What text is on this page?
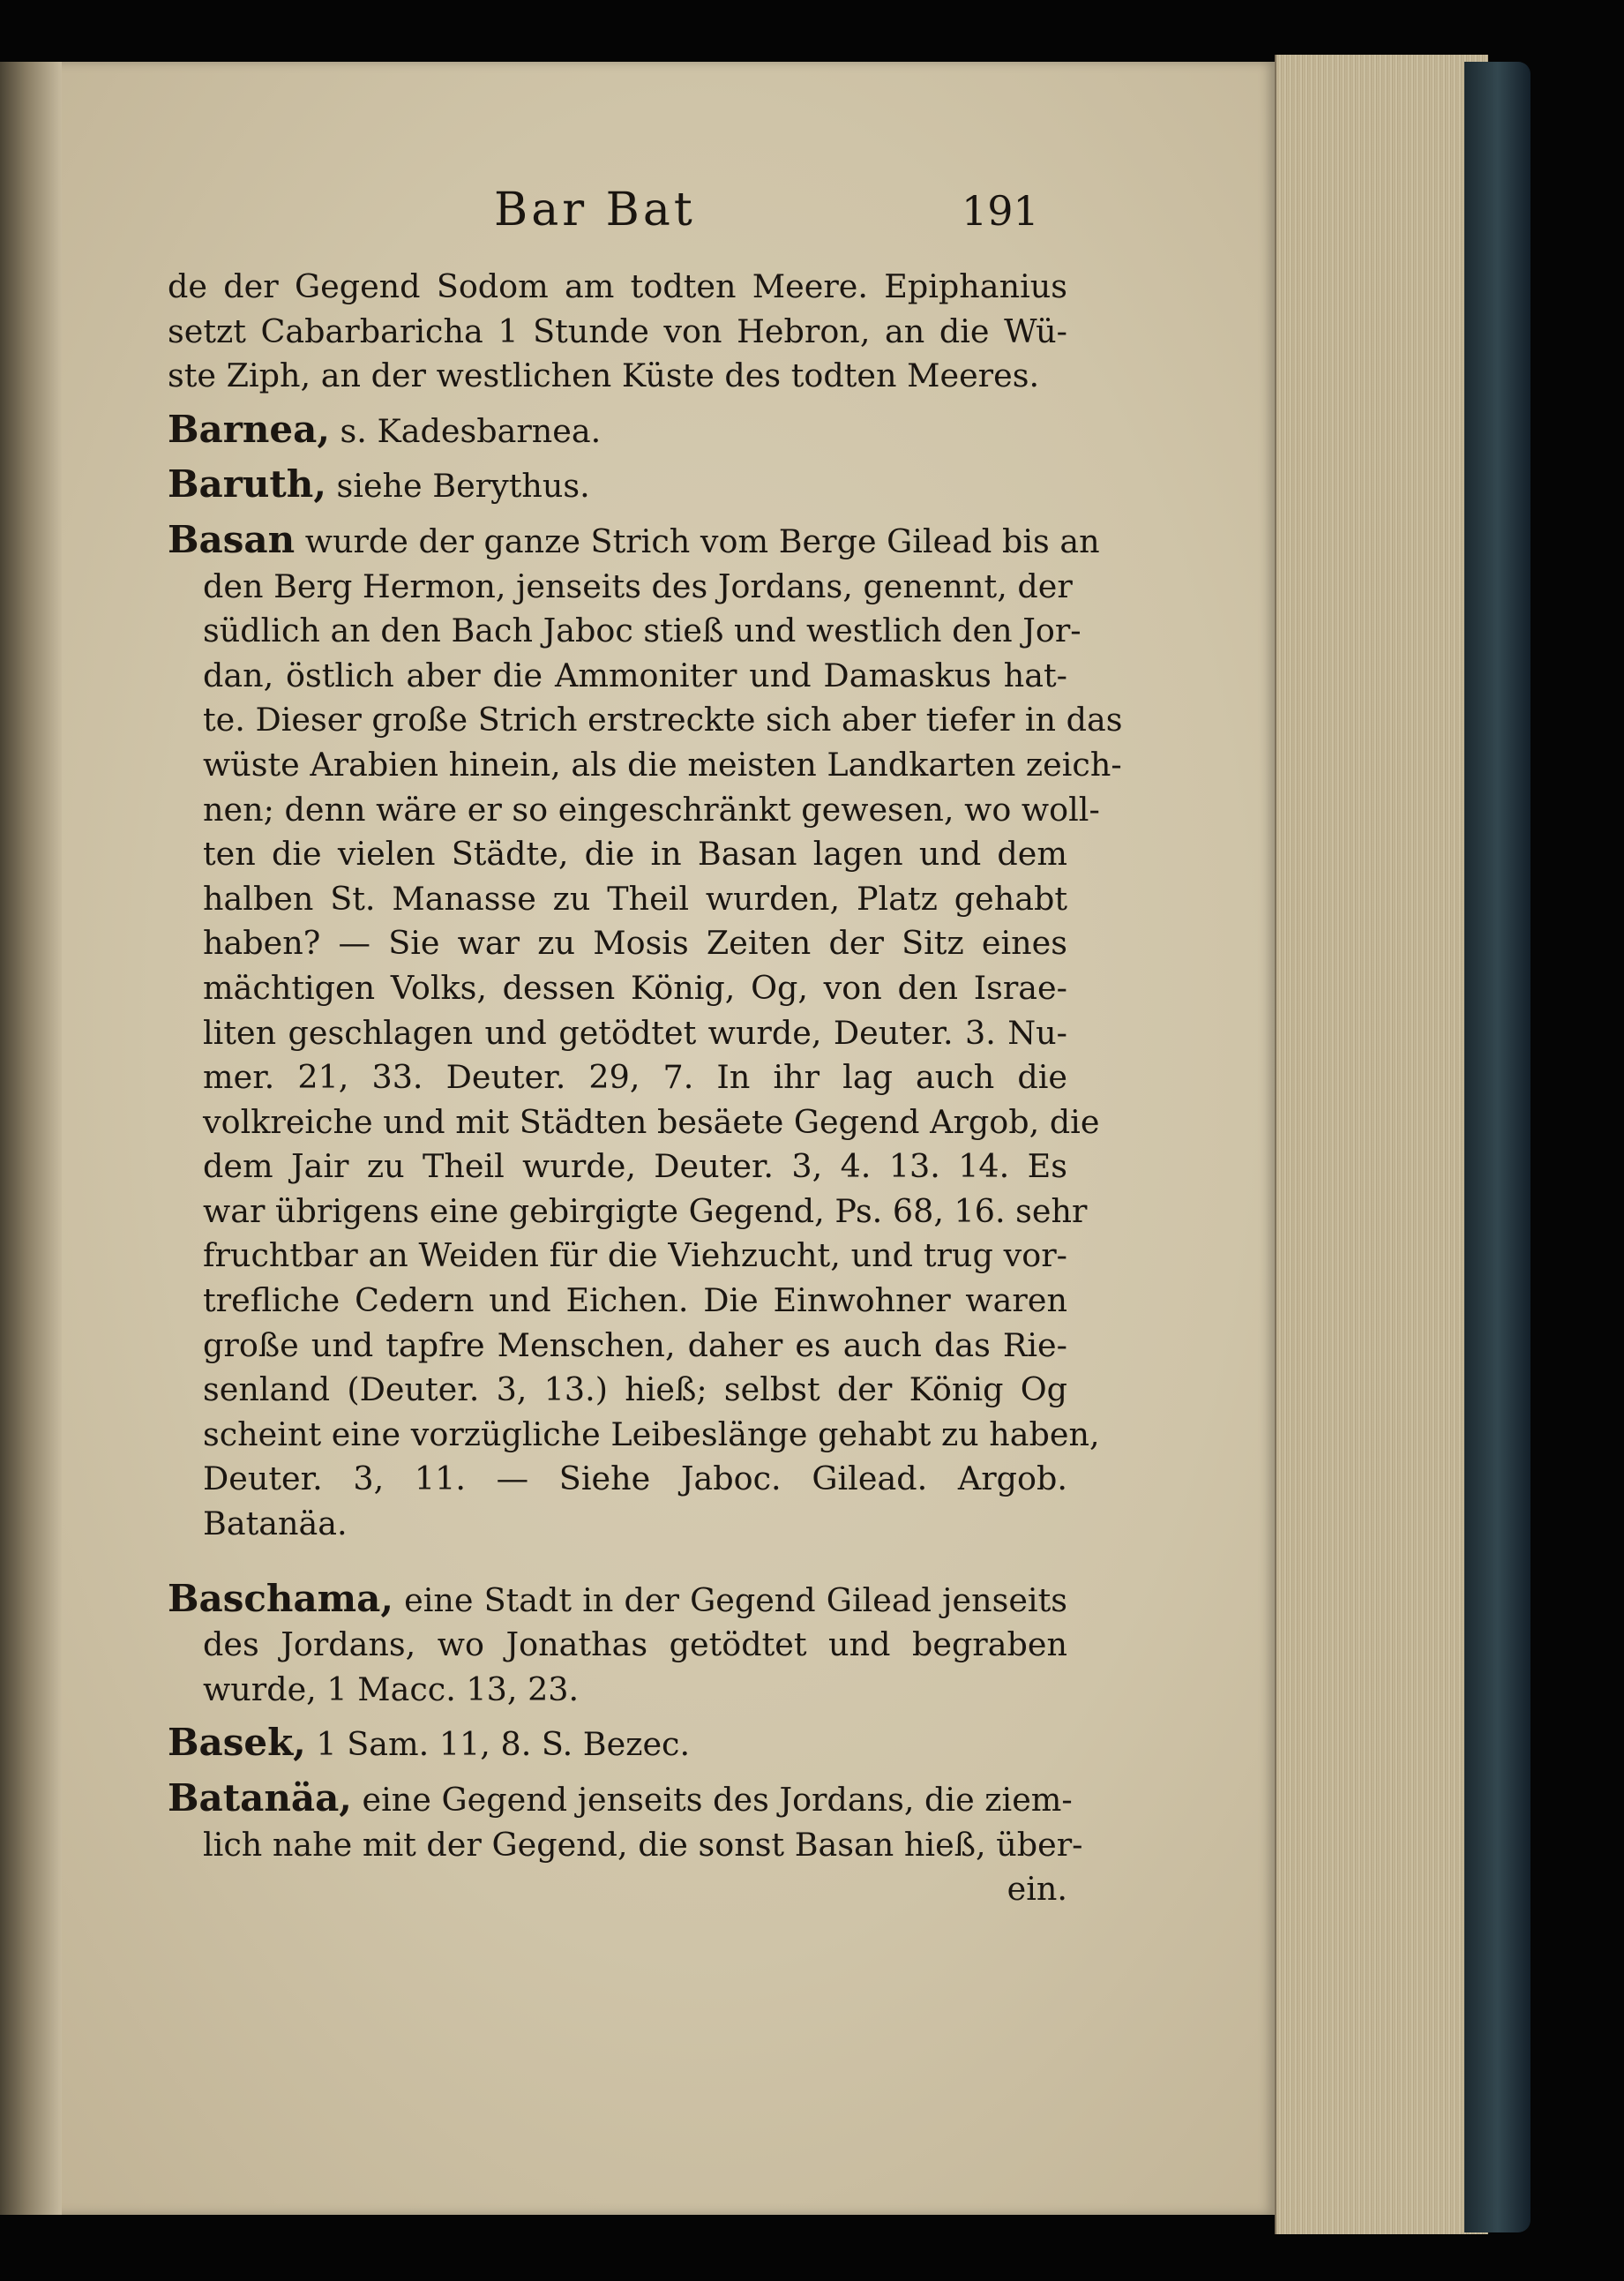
Bar Bat	191
de der Gegend Sodom am todten Meere. Epiphanius
setzt Cabarbaricha 1 Stunde von Hebron, an die Wü-
ste Ziph, an der westlichen Küste des todten Meeres.
Barnea, s. Kadesbarnea.
Baruth, siehe Berythus.
Basan wurde der ganze Strich vom Berge Gilead bis an
den Berg Hermon, jenseits des Jordans, genennt, der
südlich an den Bach Jaboc stieß und westlich den Jor-
dan, östlich aber die Ammoniter und Damaskus hat-
te. Dieser große Strich erstreckte sich aber tiefer in das
wüste Arabien hinein, als die meisten Landkarten zeich-
nen; denn wäre er so eingeschränkt gewesen, wo woll-
ten die vielen Städte, die in Basan lagen und dem
halben St. Manasse zu Theil wurden, Platz gehabt
haben? — Sie war zu Mosis Zeiten der Sitz eines
mächtigen Volks, dessen König, Og, von den Israe-
liten geschlagen und getödtet wurde, Deuter. 3. Nu-
mer. 21, 33. Deuter. 29, 7. In ihr lag auch die
volkreiche und mit Städten besäete Gegend Argob, die
dem Jair zu Theil wurde, Deuter. 3, 4. 13. 14. Es
war übrigens eine gebirgigte Gegend, Ps. 68, 16. sehr
fruchtbar an Weiden für die Viehzucht, und trug vor-
trefliche Cedern und Eichen. Die Einwohner waren
große und tapfre Menschen, daher es auch das Rie-
senland (Deuter. 3, 13.) hieß; selbst der König Og
scheint eine vorzügliche Leibeslänge gehabt zu haben,
Deuter. 3, 11. — Siehe Jaboc. Gilead. Argob.
Batanäa.
Baschama, eine Stadt in der Gegend Gilead jenseits
des Jordans, wo Jonathas getödtet und begraben
wurde, 1 Macc. 13, 23.
Basek, 1 Sam. 11, 8. S. Bezec.
Batanäa, eine Gegend jenseits des Jordans, die ziem-
lich nahe mit der Gegend, die sonst Basan hieß, über-
ein.
